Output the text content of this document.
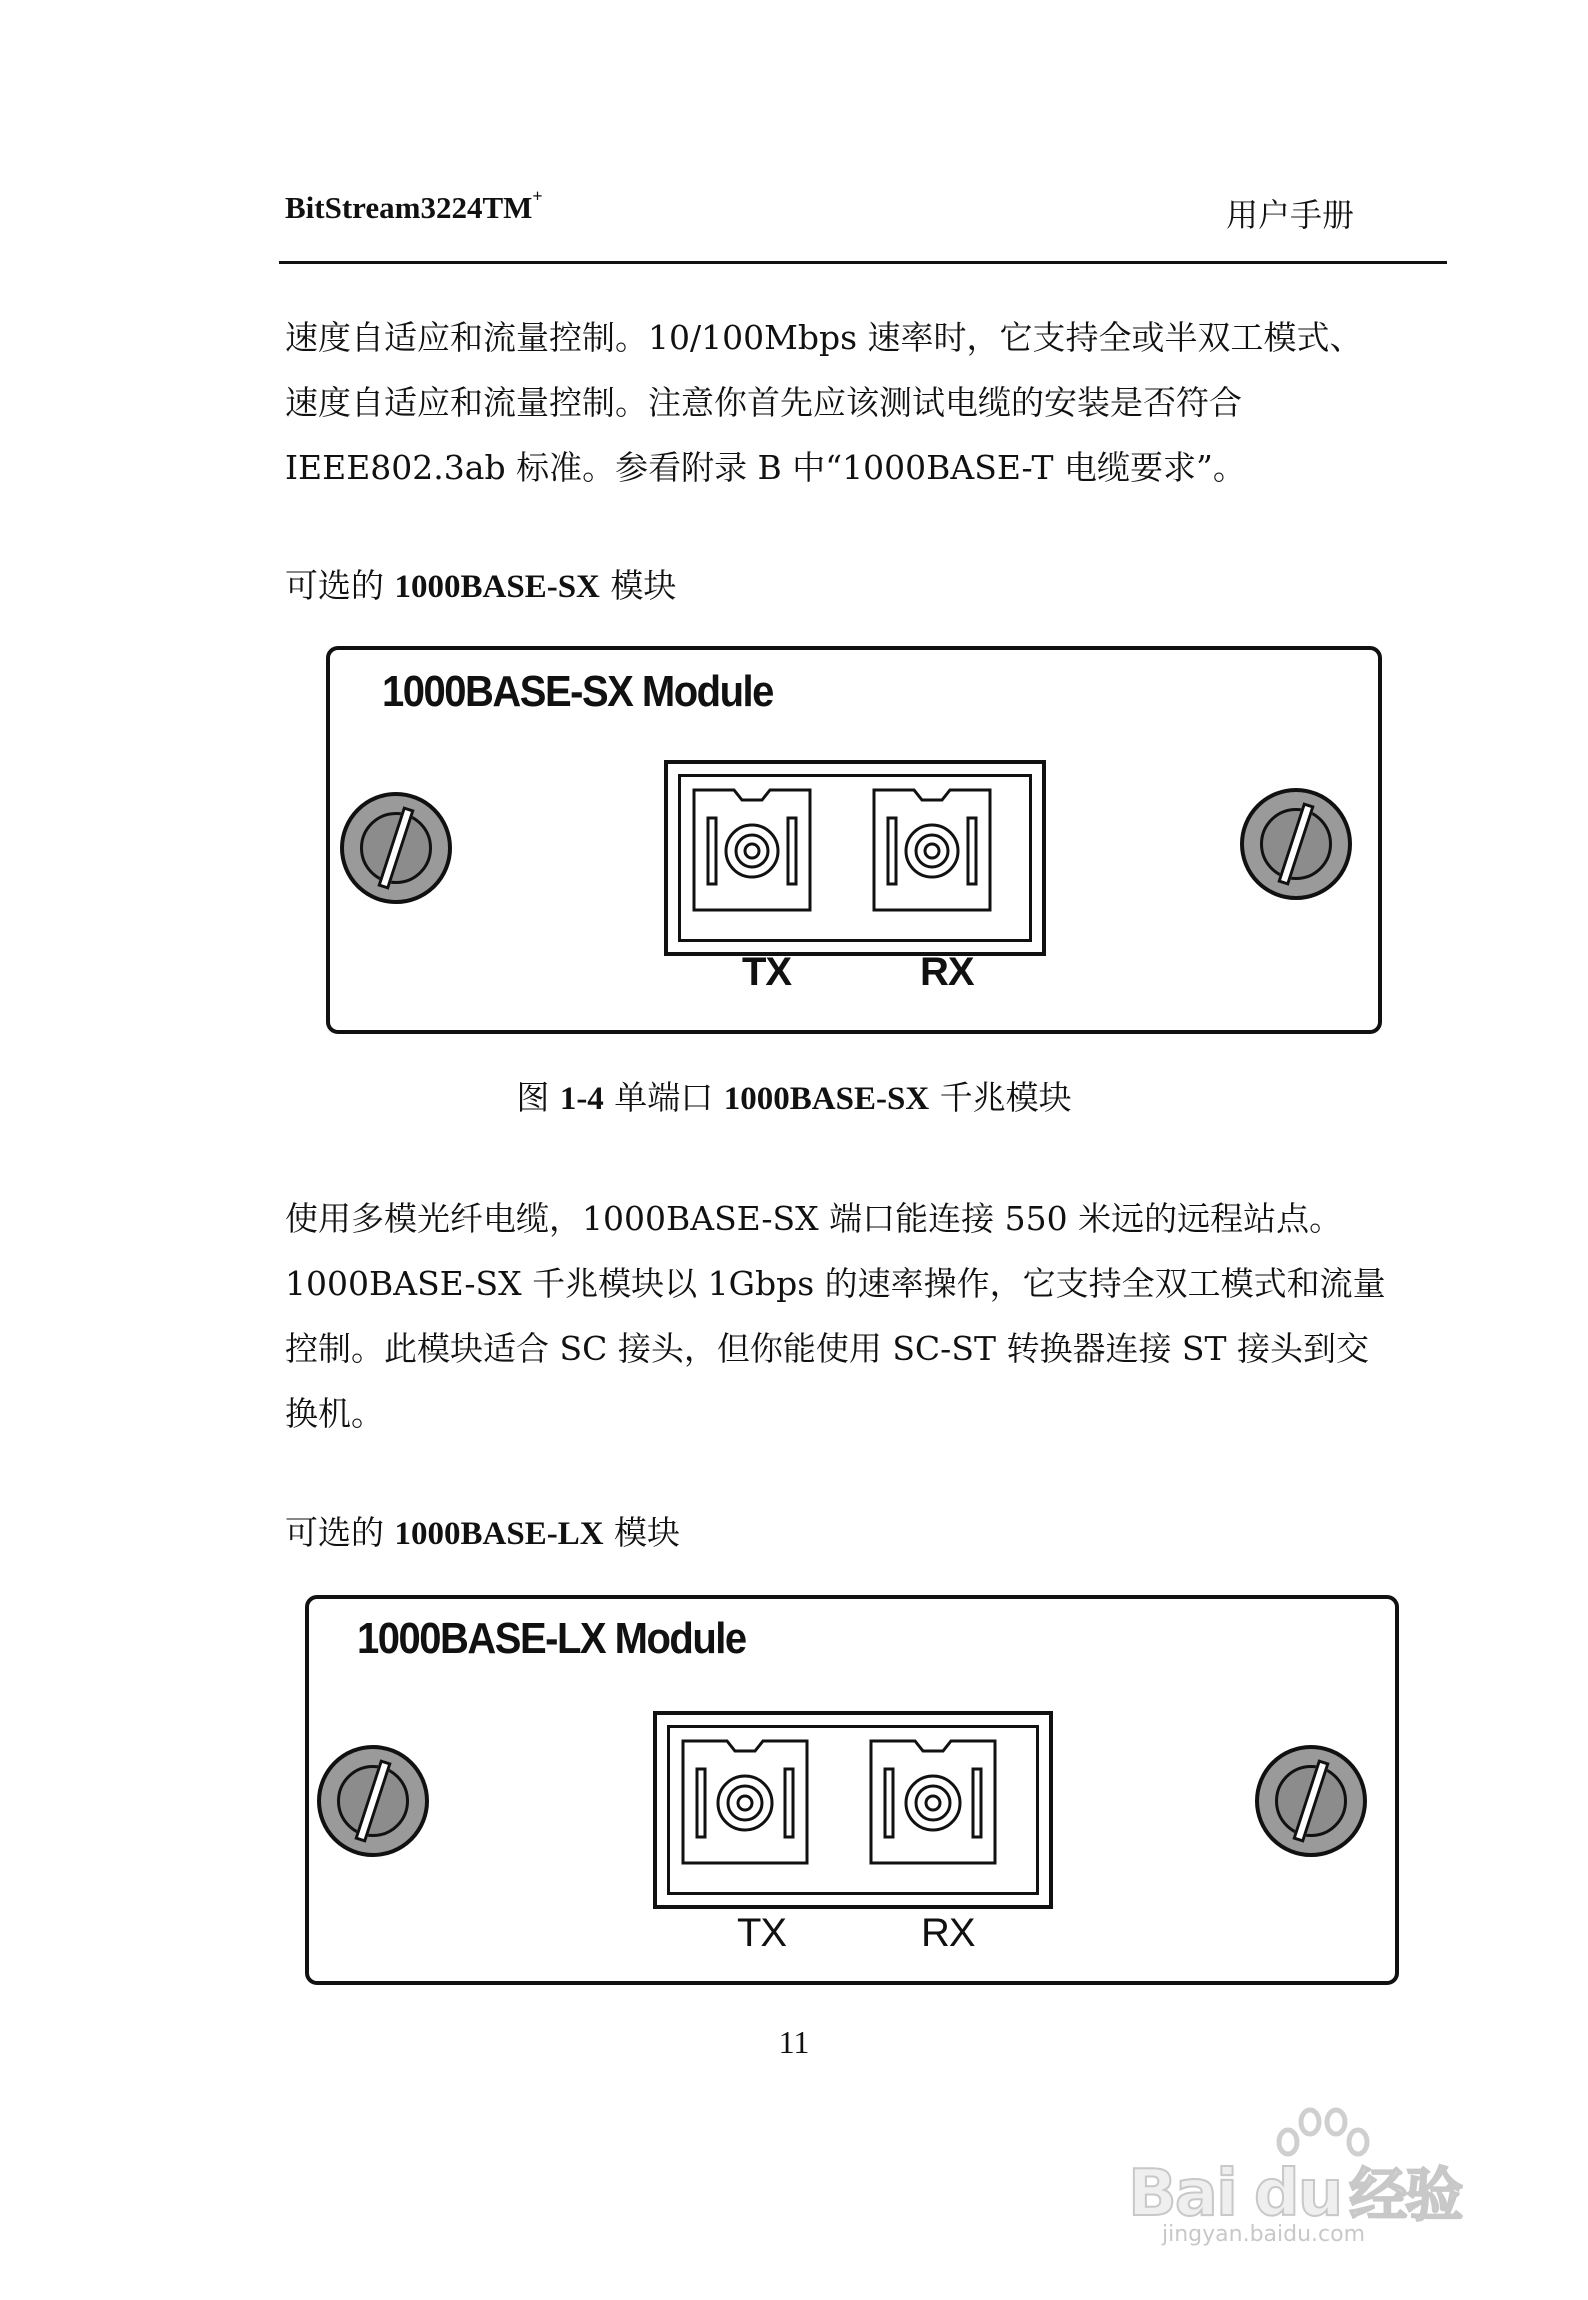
BitStream3224TM+	用户手册

速度自适应和流量控制。10/100Mbps 速率时，它支持全或半双工模式、

速度自适应和流量控制。注意你首先应该测试电缆的安装是否符合

IEEE802.3ab 标准。参看附录 B 中“1000BASE-T 电缆要求”。

可选的 1000BASE-SX 模块
1000BASE-SX Module
TX	RX
图 1-4 单端口 1000BASE-SX 千兆模块

使用多模光纤电缆，1000BASE-SX 端口能连接 550 米远的远程站点。

1000BASE-SX 千兆模块以 1Gbps 的速率操作，它支持全双工模式和流量

控制。此模块适合 SC 接头，但你能使用 SC-ST 转换器连接 ST 接头到交

换机。

可选的 1000BASE-LX 模块
1000BASE-LX Module
TX	RX
11
Bai du 经验
jingyan.baidu.com
